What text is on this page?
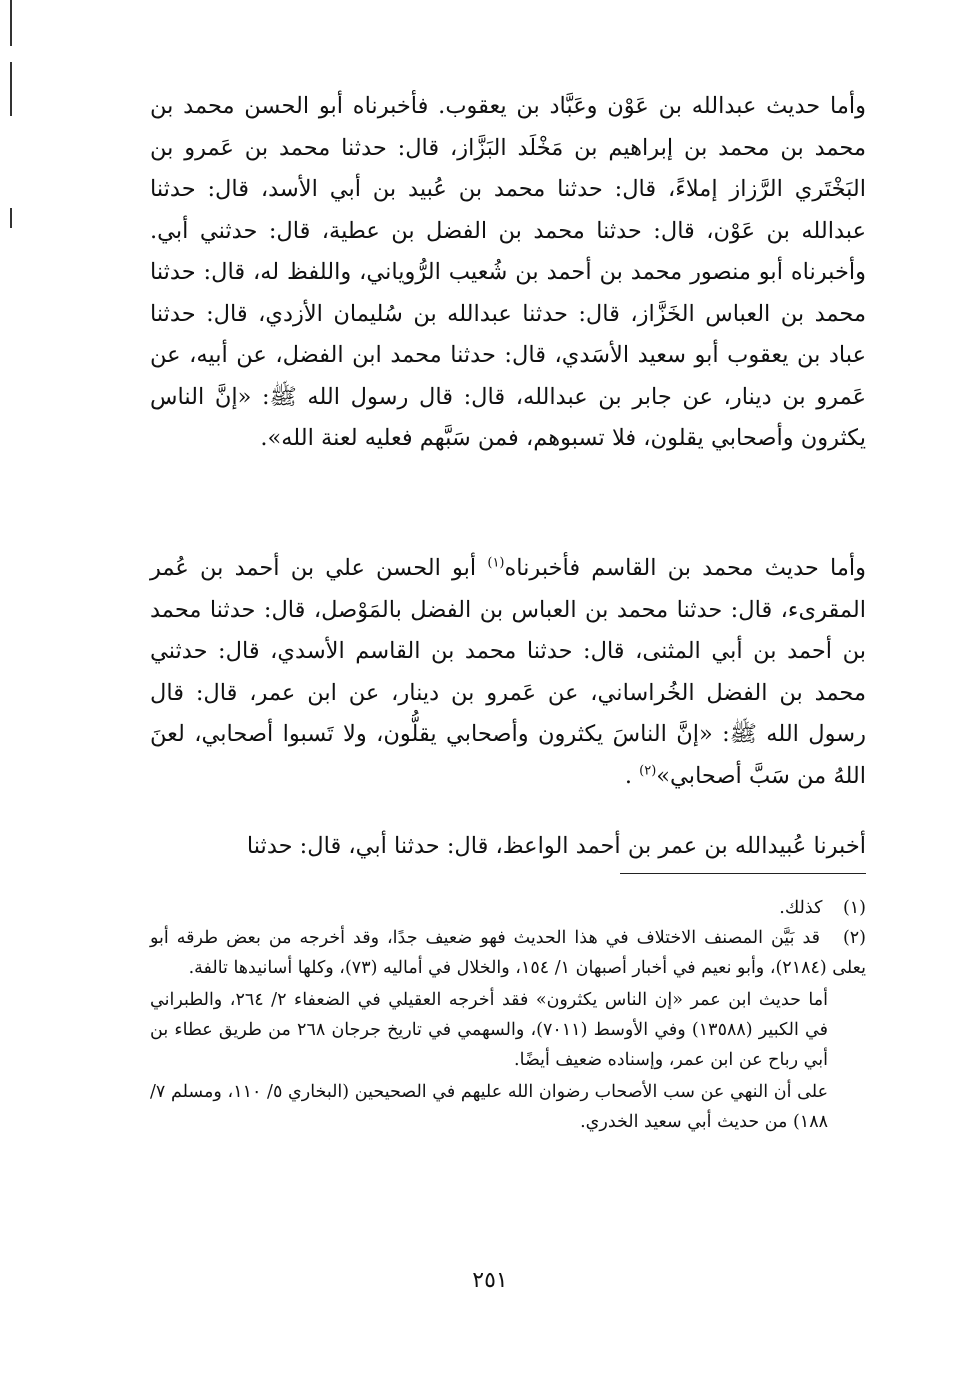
وأما حديث عبدالله بن عَوْن وعَبَّاد بن يعقوب. فأخبرناه أبو الحسن محمد بن محمد بن محمد بن إبراهيم بن مَخْلَد البَزَّاز، قال: حدثنا محمد بن عَمرو بن البَخْتَري الرَّزاز إملاءً، قال: حدثنا محمد بن عُبيد بن أبي الأسد، قال: حدثنا عبدالله بن عَوْن، قال: حدثنا محمد بن الفضل بن عطية، قال: حدثني أبي. وأخبرناه أبو منصور محمد بن أحمد بن شُعيب الرُّوياني، واللفظ له، قال: حدثنا محمد بن العباس الخَزَّاز، قال: حدثنا عبدالله بن سُليمان الأزدي، قال: حدثنا عباد بن يعقوب أبو سعيد الأسَدي، قال: حدثنا محمد ابن الفضل، عن أبيه، عن عَمرو بن دينار، عن جابر بن عبدالله، قال: قال رسول الله ﷺ: «إنَّ الناس يكثرون وأصحابي يقلون، فلا تسبوهم، فمن سَبَّهم فعليه لعنة الله».

وأما حديث محمد بن القاسم فأخبرناه$^{(١)}$ أبو الحسن علي بن أحمد بن عُمر المقرىء، قال: حدثنا محمد بن العباس بن الفضل بالمَوْصل، قال: حدثنا محمد بن أحمد بن أبي المثنى، قال: حدثنا محمد بن القاسم الأسدي، قال: حدثني محمد بن الفضل الخُراساني، عن عَمرو بن دينار، عن ابن عمر، قال: قال رسول الله ﷺ: «إنَّ الناسَ يكثرون وأصحابي يقلُّون، ولا تَسبوا أصحابي، لعنَ اللهُ من سَبَّ أصحابي»$^{(٢)}$ .

أخبرنا عُبيدالله بن عمر بن أحمد الواعظ، قال: حدثنا أبي، قال: حدثنا

(١) كذلك.

(٢) قد بَيَّن المصنف الاختلاف في هذا الحديث فهو ضعيف جدًا، وقد أخرجه من بعض طرقه أبو يعلى (٢١٨٤)، وأبو نعيم في أخبار أصبهان ١/ ١٥٤، والخلال في أماليه (٧٣)، وكلها أسانيدها تالفة.

أما حديث ابن عمر «إن الناس يكثرون» فقد أخرجه العقيلي في الضعفاء ٢/ ٢٦٤، والطبراني في الكبير (١٣٥٨٨) وفي الأوسط (٧٠١١)، والسهمي في تاريخ جرجان ٢٦٨ من طريق عطاء بن أبي رباح عن ابن عمر، وإسناده ضعيف أيضًا.

على أن النهي عن سب الأصحاب رضوان الله عليهم في الصحيحين (البخاري ٥/ ١١٠، ومسلم ٧/ ١٨٨) من حديث أبي سعيد الخدري.

٢٥١
